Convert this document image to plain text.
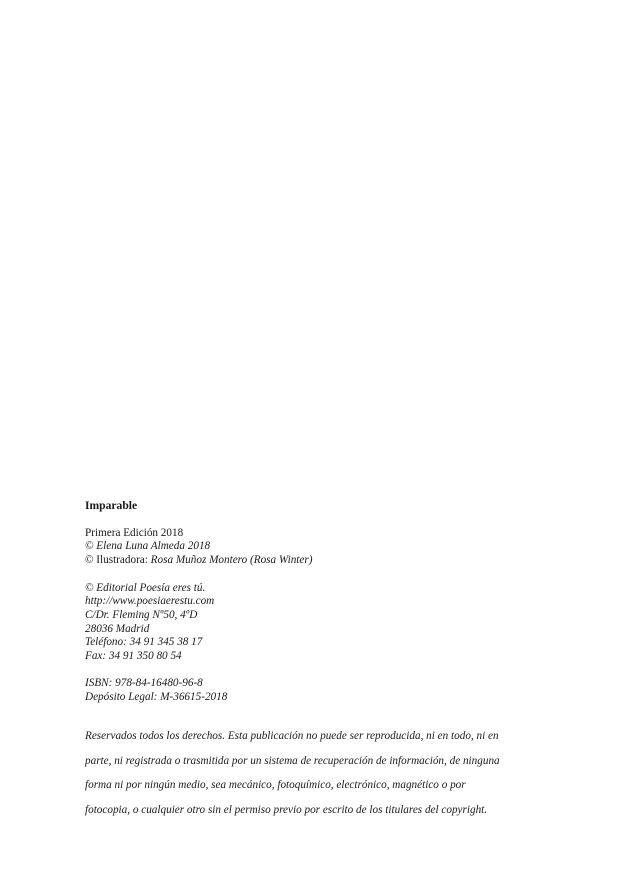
Imparable

Primera Edición 2018

© Elena Luna Almeda 2018

© Ilustradora: Rosa Muñoz Montero (Rosa Winter)

© Editorial Poesía eres tú.

http://www.poesiaerestu.com

C/Dr. Fleming Nº50, 4ºD

28036 Madrid

Teléfono: 34 91 345 38 17

Fax: 34 91 350 80 54

ISBN: 978-84-16480-96-8

Depósito Legal: M-36615-2018

Reservados todos los derechos. Esta publicación no puede ser reproducida, ni en todo, ni en

parte, ni registrada o trasmitida por un sistema de recuperación de información, de ninguna

forma ni por ningún medio, sea mecánico, fotoquímico, electrónico, magnético o por

fotocopia, o cualquier otro sin el permiso previo por escrito de los titulares del copyright.
